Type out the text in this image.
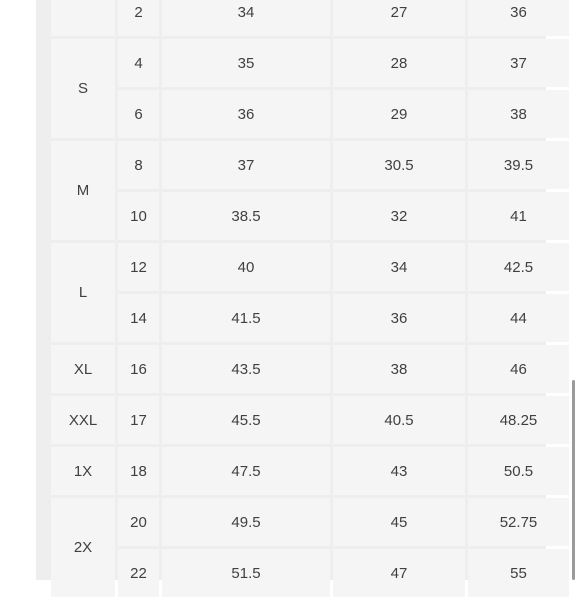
	2	34	27	36
S	4	35	28	37
	6	36	29	38
M	8	37	30.5	39.5
	10	38.5	32	41
L	12	40	34	42.5
	14	41.5	36	44
XL	16	43.5	38	46
XXL	17	45.5	40.5	48.25
1X	18	47.5	43	50.5
2X	20	49.5	45	52.75
	22	51.5	47	55
